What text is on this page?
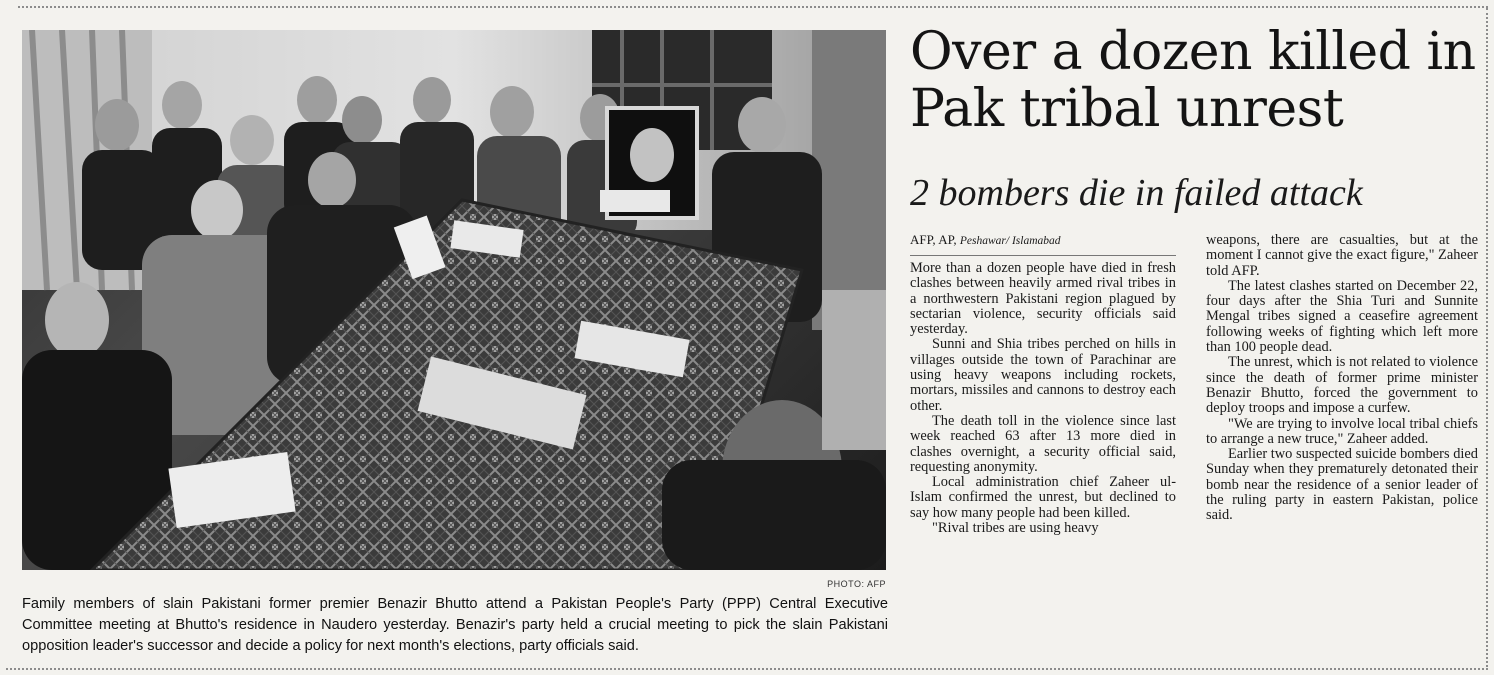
PHOTO: AFP

Family members of slain Pakistani former premier Benazir Bhutto attend a Pakistan People's Party (PPP) Central Executive Committee meeting at Bhutto's residence in Naudero yesterday. Benazir's party held a crucial meeting to pick the slain Pakistani opposition leader's successor and decide a policy for next month's elections, party officials said.

Over a dozen killed in Pak tribal unrest
2 bombers die in failed attack
AFP, AP, Peshawar/ Islamabad

More than a dozen people have died in fresh clashes between heavily armed rival tribes in a northwestern Pakistani region plagued by sectarian violence, security officials said yesterday.

Sunni and Shia tribes perched on hills in villages outside the town of Parachinar are using heavy weapons including rockets, mortars, missiles and cannons to destroy each other.

The death toll in the violence since last week reached 63 after 13 more died in clashes overnight, a security official said, requesting anonymity.

Local administration chief Zaheer ul-Islam confirmed the unrest, but declined to say how many people had been killed.

"Rival tribes are using heavy

weapons, there are casualties, but at the moment I cannot give the exact figure," Zaheer told AFP.

The latest clashes started on December 22, four days after the Shia Turi and Sunnite Mengal tribes signed a ceasefire agreement following weeks of fighting which left more than 100 people dead.

The unrest, which is not related to violence since the death of former prime minister Benazir Bhutto, forced the government to deploy troops and impose a curfew.

"We are trying to involve local tribal chiefs to arrange a new truce," Zaheer added.

Earlier two suspected suicide bombers died Sunday when they prematurely detonated their bomb near the residence of a senior leader of the ruling party in eastern Pakistan, police said.
